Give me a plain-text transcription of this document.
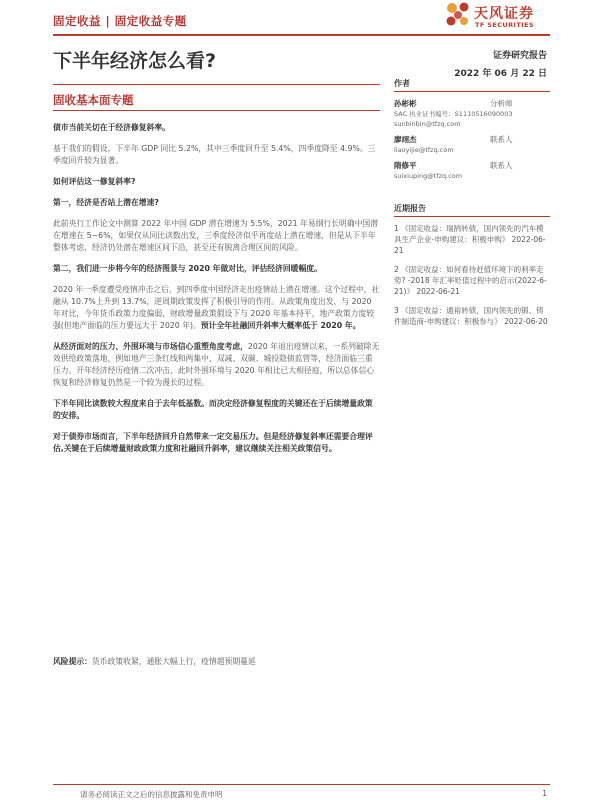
固定收益 | 固定收益专题	天风证券
TF SECURITIES
下半年经济怎么看?	证券研究报告
2022 年 06 月 22 日
固收基本面专题

债市当前关切在于经济修复斜率。

基于我们的假设，下半年 GDP 同比 5.2%，其中三季度回升至 5.4%，四季度降至 4.9%。三季度回升较为显著。

如何评估这一修复斜率?

第一，经济是否站上潜在增速?

此前央行工作论文中测算 2022 年中国 GDP 潜在增速为 5.5%，2021 年易纲行长明确中国潜在增速在 5~6%，如果仅从同比读数出发，三季度经济似乎再度站上潜在增速，但是从下半年整体考虑，经济仍处潜在增速区间下沿，甚至还有脱离合理区间的风险。

第二，我们进一步将今年的经济图景与 2020 年做对比，评估经济回暖幅度。

2020 年一季度遭受疫情冲击之后，到四季度中国经济走出疫情站上潜在增速。这个过程中，社融从 10.7%上升到 13.7%，逆周期政策发挥了积极引导的作用。从政策角度出发，与 2020 年对比，今年货币政策力度偏弱，财政增量政策假设下与 2020 年基本持平，地产政策力度较强(但地产面临的压力要远大于 2020 年)。预计全年社融回升斜率大概率低于 2020 年。

从经济面对的压力、外围环境与市场信心重塑角度考虑，2020 年退出疫情以来，一系列破除无效供给政策落地，例如地产三条红线和两集中、双减、双碳、城投隐债监管等，经济面临三重压力。开年经济经历疫情二次冲击，此时外围环境与 2020 年相比已大相径庭，所以总体信心恢复和经济修复仍然是一个较为漫长的过程。

下半年同比读数较大程度来自于去年低基数。而决定经济修复程度的关键还在于后续增量政策的安排。

对于债券市场而言，下半年经济回升自然带来一定交易压力。但是经济修复斜率还需要合理评估,关键在于后续增量财政政策力度和社融回升斜率，建议继续关注相关政策信号。

作者
孙彬彬	分析师
SAC 执业证书编号：S1110516090003
sunbinbin@tfzq.com
廖翊杰	联系人
liaoyijie@tfzq.com
隋修平	联系人
suixiuping@tfzq.com
近期报告
1 《固定收益：瑞鹄转债，国内领先的汽车模具生产企业-申购建议：积极申购》 2022-06-21
2 《固定收益：如何看待赶值环境下的利率走势? -2018 年汇率贬值过程中的启示(2022-6-21)》 2022-06-21
3 《固定收益：通裕转债，国内领先的锻、铸件制造商-申购建议：积极参与》 2022-06-20
风险提示：货币政策收紧，通胀大幅上行，疫情超预期蔓延
请务必阅读正文之后的信息披露和免责申明	1
